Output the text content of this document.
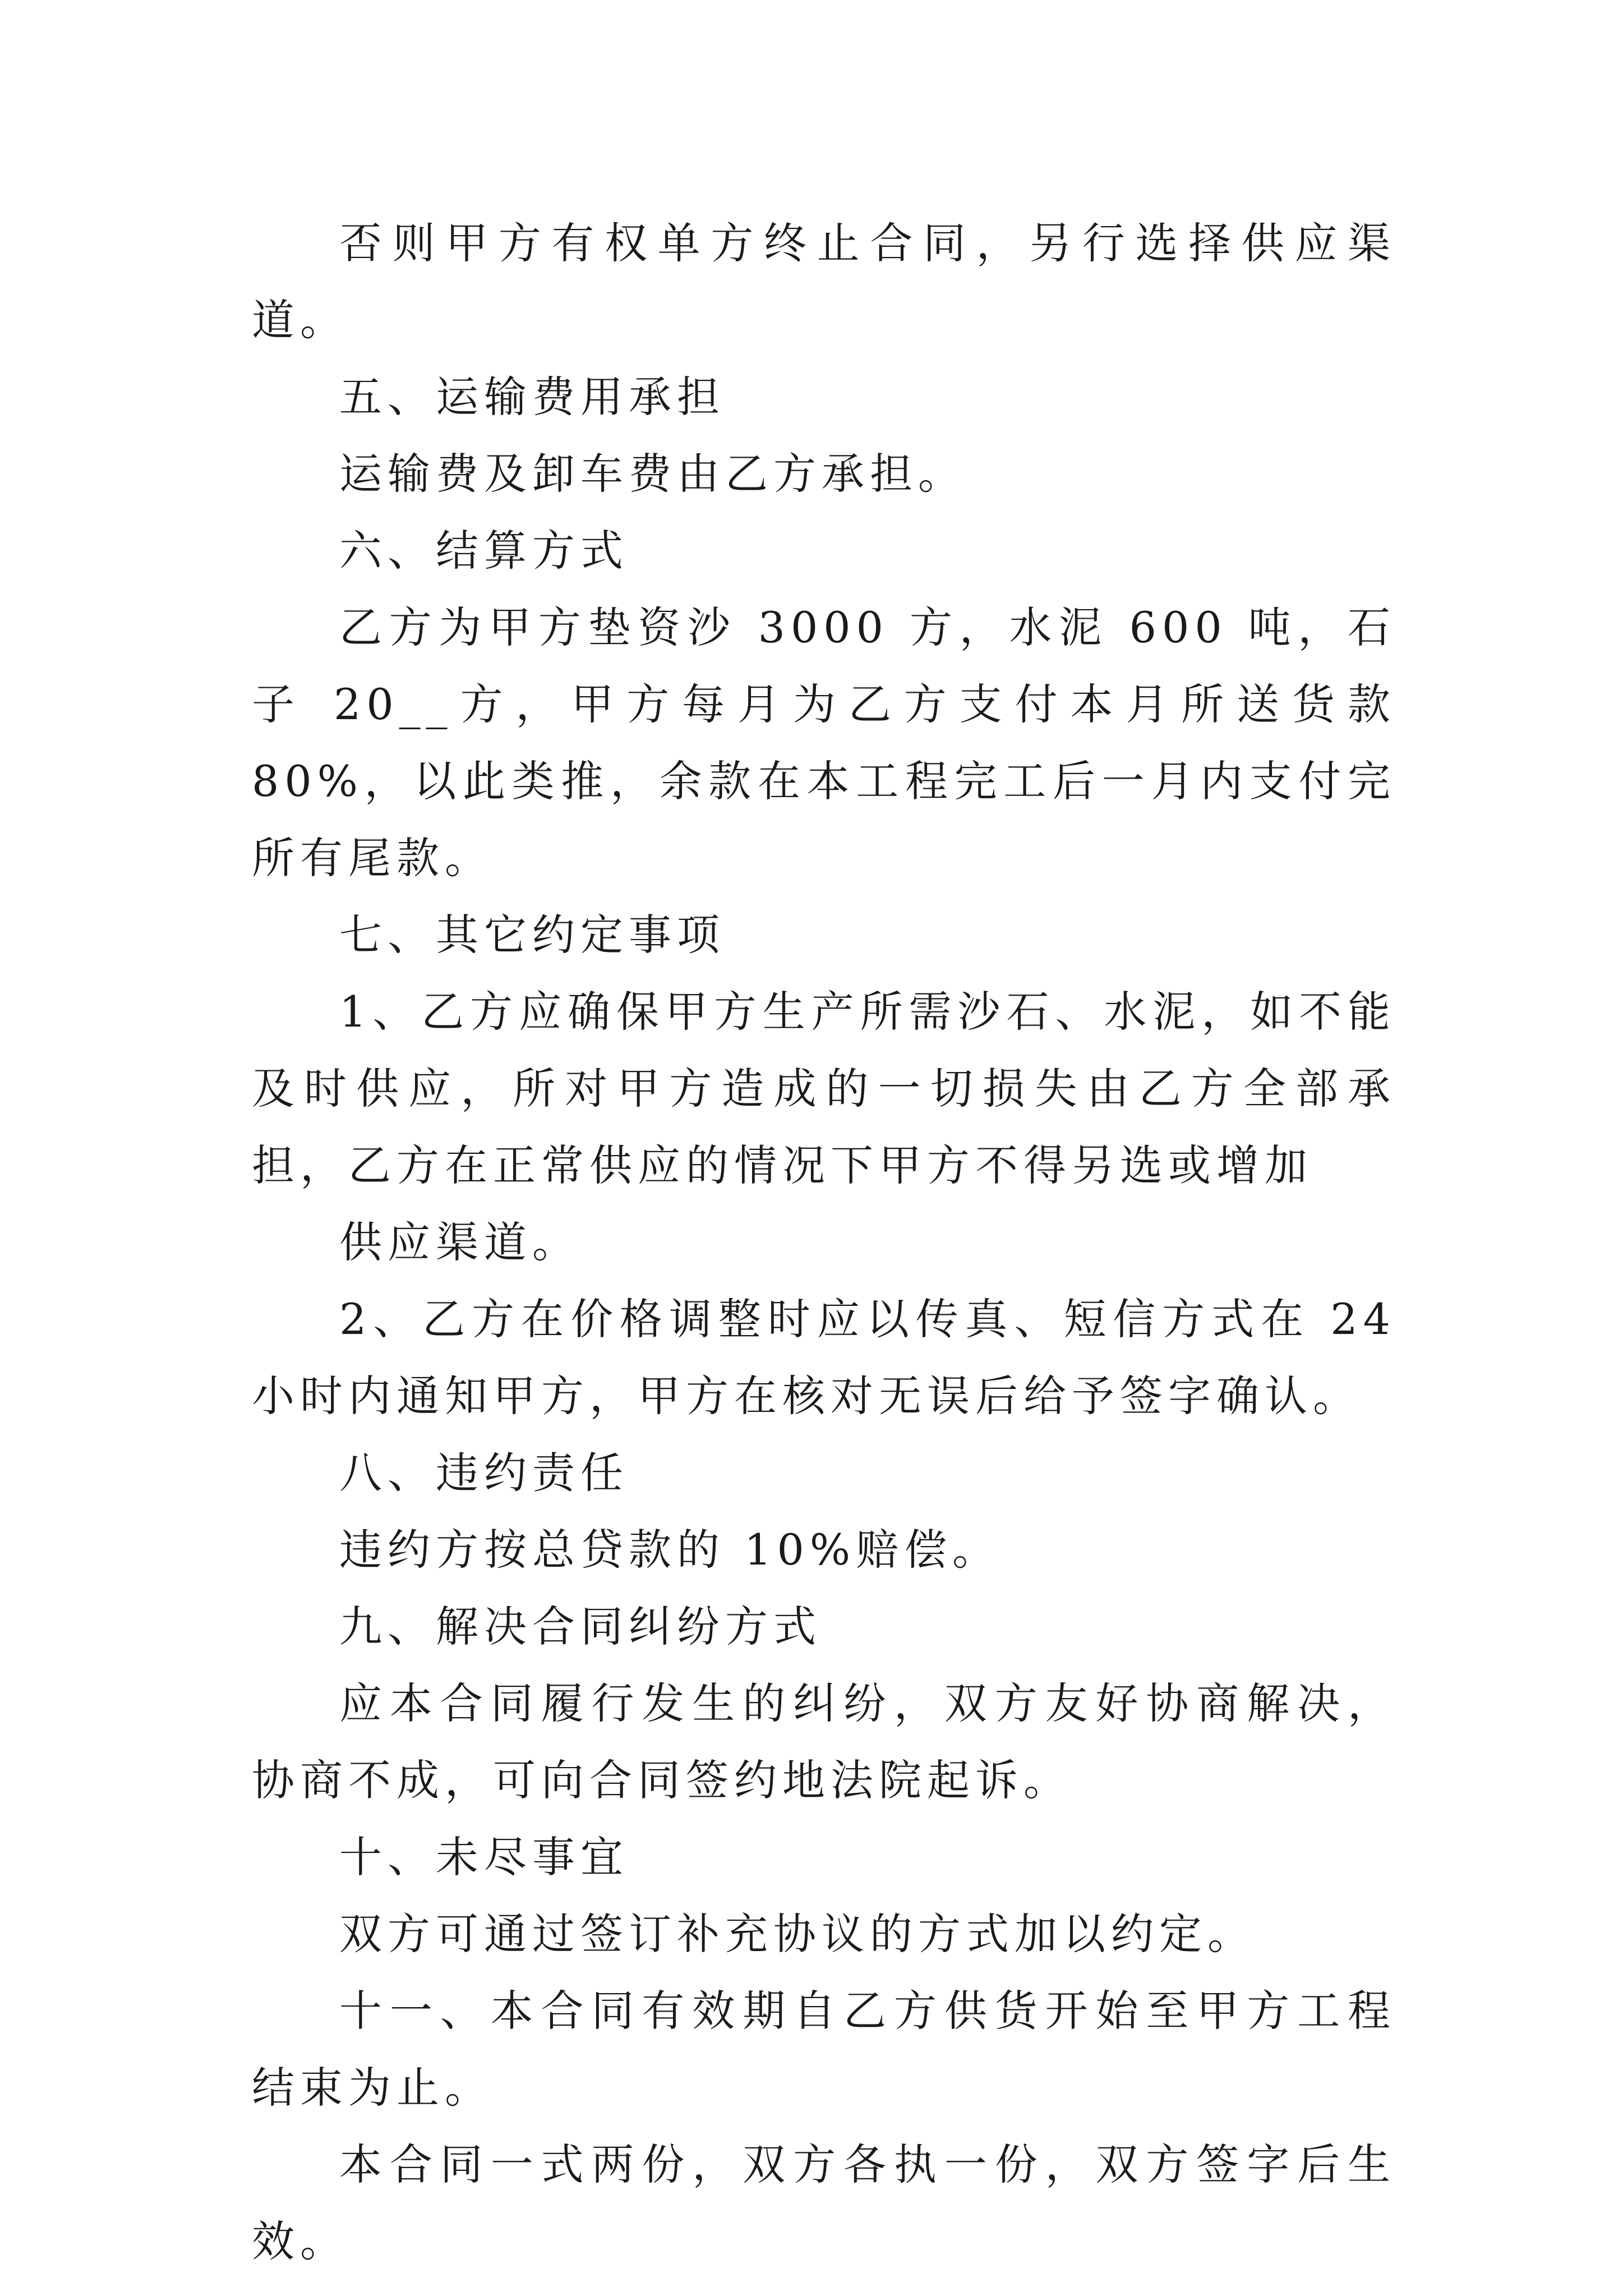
否则甲方有权单方终止合同，另行选择供应渠道。

五、运输费用承担

运输费及卸车费由乙方承担。

六、结算方式

乙方为甲方垫资沙 3000 方，水泥 600 吨，石子 20__方，甲方每月为乙方支付本月所送货款 80%，以此类推，余款在本工程完工后一月内支付完所有尾款。

七、其它约定事项

1、乙方应确保甲方生产所需沙石、水泥，如不能及时供应，所对甲方造成的一切损失由乙方全部承担，乙方在正常供应的情况下甲方不得另选或增加

供应渠道。

2、乙方在价格调整时应以传真、短信方式在 24 小时内通知甲方，甲方在核对无误后给予签字确认。

八、违约责任

违约方按总贷款的 10%赔偿。

九、解决合同纠纷方式

应本合同履行发生的纠纷，双方友好协商解决，协商不成，可向合同签约地法院起诉。

十、未尽事宜

双方可通过签订补充协议的方式加以约定。

十一、本合同有效期自乙方供货开始至甲方工程结束为止。

本合同一式两份，双方各执一份，双方签字后生效。
